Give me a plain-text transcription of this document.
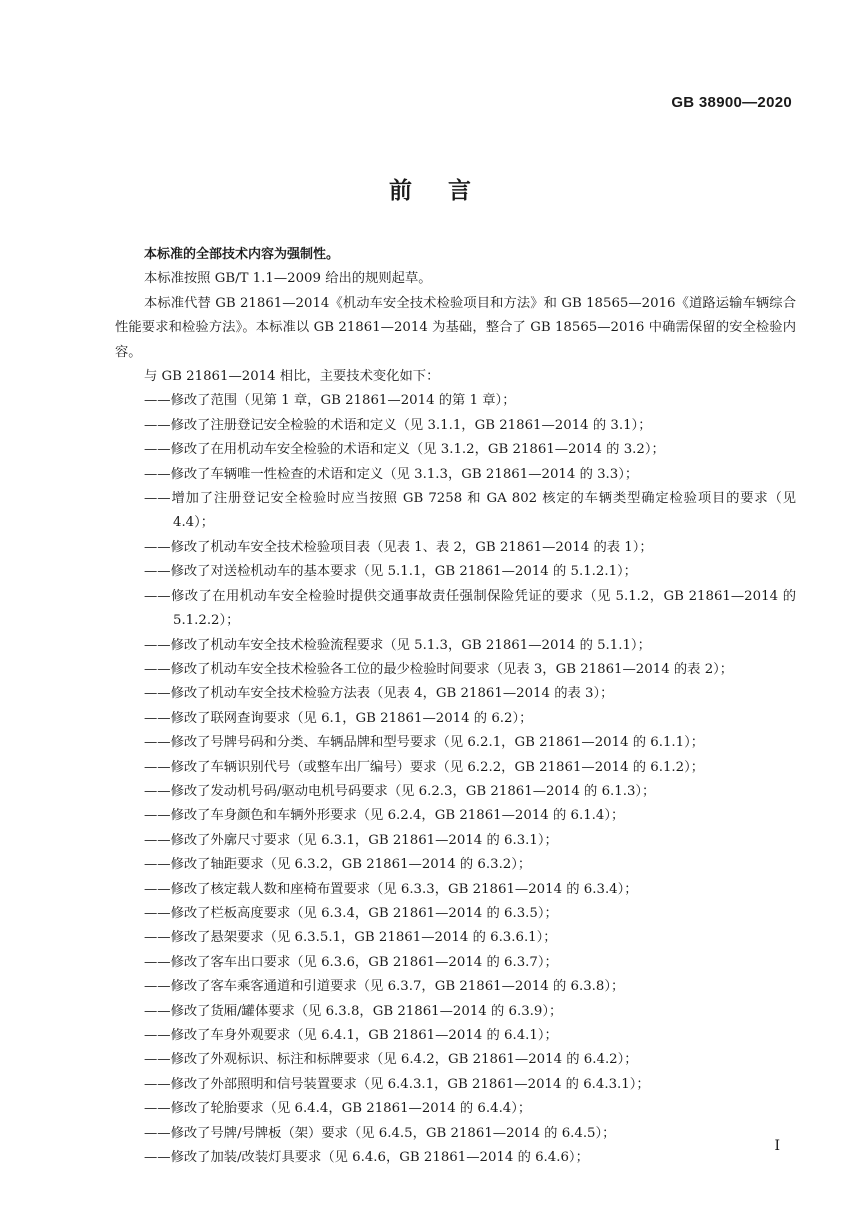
GB 38900—2020
前 言
本标准的全部技术内容为强制性。
本标准按照 GB/T 1.1—2009 给出的规则起草。
本标准代替 GB 21861—2014《机动车安全技术检验项目和方法》和 GB 18565—2016《道路运输车辆综合性能要求和检验方法》。本标准以 GB 21861—2014 为基础，整合了 GB 18565—2016 中确需保留的安全检验内容。
与 GB 21861—2014 相比，主要技术变化如下：
——修改了范围（见第 1 章，GB 21861—2014 的第 1 章）；
——修改了注册登记安全检验的术语和定义（见 3.1.1，GB 21861—2014 的 3.1）；
——修改了在用机动车安全检验的术语和定义（见 3.1.2，GB 21861—2014 的 3.2）；
——修改了车辆唯一性检查的术语和定义（见 3.1.3，GB 21861—2014 的 3.3）；
——增加了注册登记安全检验时应当按照 GB 7258 和 GA 802 核定的车辆类型确定检验项目的要求（见 4.4）；
——修改了机动车安全技术检验项目表（见表 1、表 2，GB 21861—2014 的表 1）；
——修改了对送检机动车的基本要求（见 5.1.1，GB 21861—2014 的 5.1.2.1）；
——修改了在用机动车安全检验时提供交通事故责任强制保险凭证的要求（见 5.1.2，GB 21861—2014 的 5.1.2.2）；
——修改了机动车安全技术检验流程要求（见 5.1.3，GB 21861—2014 的 5.1.1）；
——修改了机动车安全技术检验各工位的最少检验时间要求（见表 3，GB 21861—2014 的表 2）；
——修改了机动车安全技术检验方法表（见表 4，GB 21861—2014 的表 3）；
——修改了联网查询要求（见 6.1，GB 21861—2014 的 6.2）；
——修改了号牌号码和分类、车辆品牌和型号要求（见 6.2.1，GB 21861—2014 的 6.1.1）；
——修改了车辆识别代号（或整车出厂编号）要求（见 6.2.2，GB 21861—2014 的 6.1.2）；
——修改了发动机号码/驱动电机号码要求（见 6.2.3，GB 21861—2014 的 6.1.3）；
——修改了车身颜色和车辆外形要求（见 6.2.4，GB 21861—2014 的 6.1.4）；
——修改了外廓尺寸要求（见 6.3.1，GB 21861—2014 的 6.3.1）；
——修改了轴距要求（见 6.3.2，GB 21861—2014 的 6.3.2）；
——修改了核定载人数和座椅布置要求（见 6.3.3，GB 21861—2014 的 6.3.4）；
——修改了栏板高度要求（见 6.3.4，GB 21861—2014 的 6.3.5）；
——修改了悬架要求（见 6.3.5.1，GB 21861—2014 的 6.3.6.1）；
——修改了客车出口要求（见 6.3.6，GB 21861—2014 的 6.3.7）；
——修改了客车乘客通道和引道要求（见 6.3.7，GB 21861—2014 的 6.3.8）；
——修改了货厢/罐体要求（见 6.3.8，GB 21861—2014 的 6.3.9）；
——修改了车身外观要求（见 6.4.1，GB 21861—2014 的 6.4.1）；
——修改了外观标识、标注和标牌要求（见 6.4.2，GB 21861—2014 的 6.4.2）；
——修改了外部照明和信号装置要求（见 6.4.3.1，GB 21861—2014 的 6.4.3.1）；
——修改了轮胎要求（见 6.4.4，GB 21861—2014 的 6.4.4）；
——修改了号牌/号牌板（架）要求（见 6.4.5，GB 21861—2014 的 6.4.5）；
——修改了加装/改装灯具要求（见 6.4.6，GB 21861—2014 的 6.4.6）；
I
